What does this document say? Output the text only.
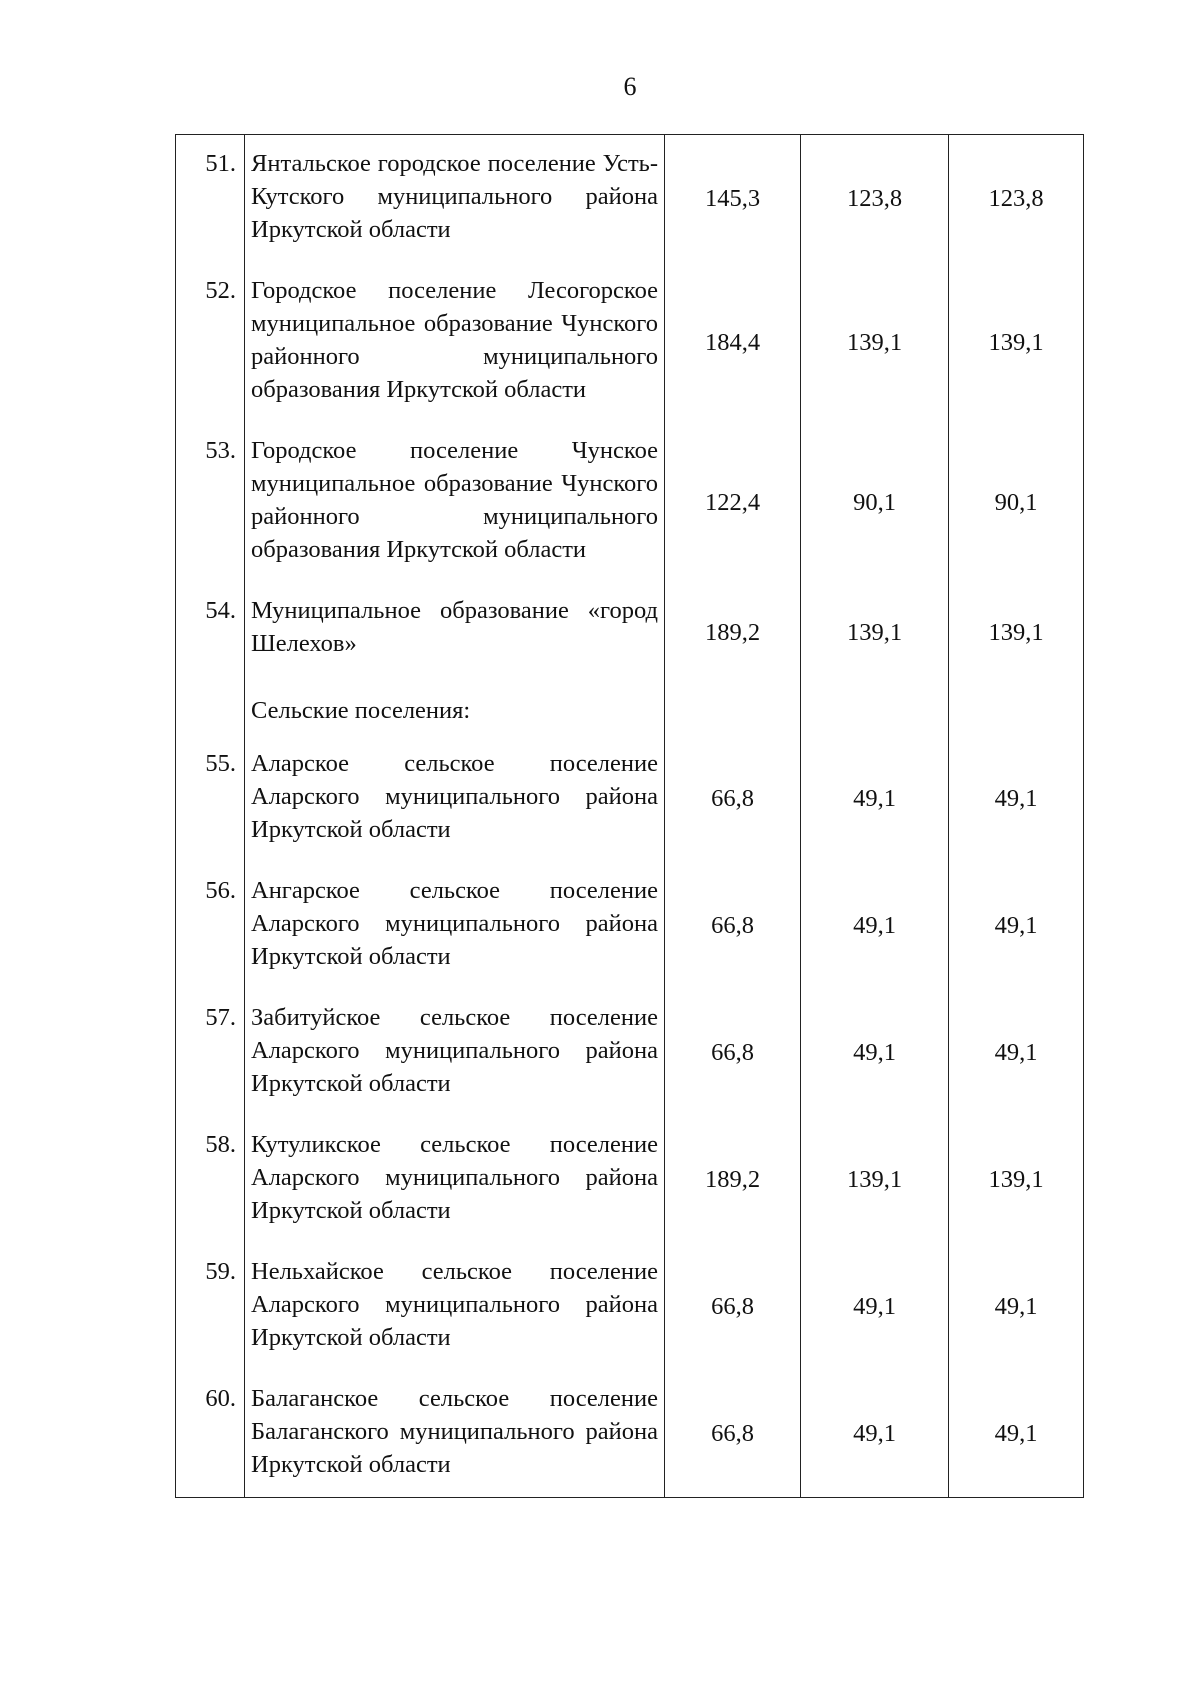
6
51.	Янтальское городское поселение Усть-Кутского муниципального района Иркутской области	145,3	123,8	123,8
52.	Городское поселение Лесогорское муниципальное образование Чунского районного муниципального образования Иркутской области	184,4	139,1	139,1
53.	Городское поселение Чунское муниципальное образование Чунского районного муниципального образования Иркутской области	122,4	90,1	90,1
54.	Муниципальное образование «город Шелехов»	189,2	139,1	139,1
	Сельские поселения:			
55.	Аларское сельское поселение Аларского муниципального района Иркутской области	66,8	49,1	49,1
56.	Ангарское сельское поселение Аларского муниципального района Иркутской области	66,8	49,1	49,1
57.	Забитуйское сельское поселение Аларского муниципального района Иркутской области	66,8	49,1	49,1
58.	Кутуликское сельское поселение Аларского муниципального района Иркутской области	189,2	139,1	139,1
59.	Нельхайское сельское поселение Аларского муниципального района Иркутской области	66,8	49,1	49,1
60.	Балаганское сельское поселение Балаганского муниципального района Иркутской области	66,8	49,1	49,1
